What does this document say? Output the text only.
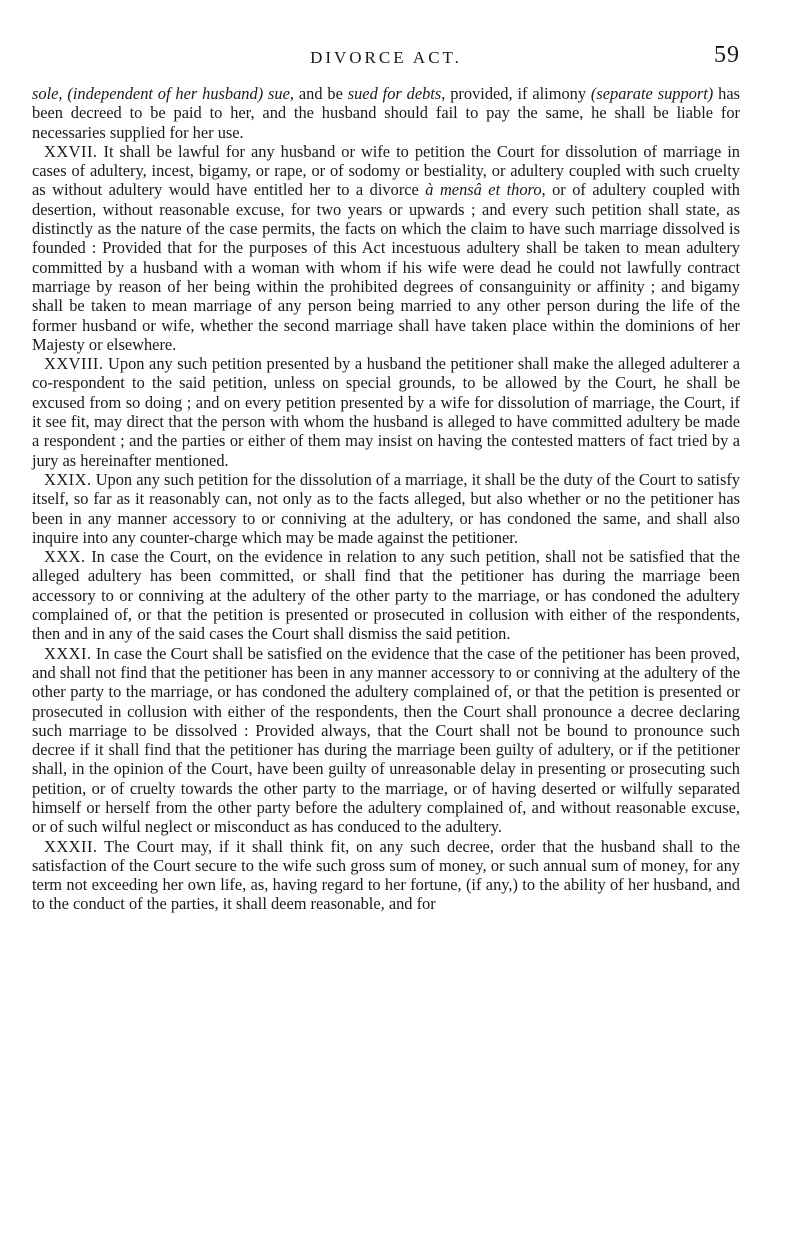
DIVORCE ACT.	59

sole, (independent of her husband) sue, and be sued for debts, provided, if alimony (separate support) has been decreed to be paid to her, and the husband should fail to pay the same, he shall be liable for necessaries supplied for her use.

XXVII. It shall be lawful for any husband or wife to petition the Court for dissolution of marriage in cases of adultery, incest, bigamy, or rape, or of sodomy or bestiality, or adultery coupled with such cruelty as without adultery would have entitled her to a divorce à mensâ et thoro, or of adultery coupled with desertion, without reasonable excuse, for two years or upwards ; and every such petition shall state, as distinctly as the nature of the case permits, the facts on which the claim to have such marriage dissolved is founded : Provided that for the purposes of this Act incestuous adultery shall be taken to mean adultery committed by a husband with a woman with whom if his wife were dead he could not lawfully contract marriage by reason of her being within the prohibited degrees of consanguinity or affinity ; and bigamy shall be taken to mean marriage of any person being married to any other person during the life of the former husband or wife, whether the second marriage shall have taken place within the dominions of her Majesty or elsewhere.

XXVIII. Upon any such petition presented by a husband the petitioner shall make the alleged adulterer a co-respondent to the said petition, unless on special grounds, to be allowed by the Court, he shall be excused from so doing ; and on every petition presented by a wife for dissolution of marriage, the Court, if it see fit, may direct that the person with whom the husband is alleged to have committed adultery be made a respondent ; and the parties or either of them may insist on having the contested matters of fact tried by a jury as hereinafter mentioned.

XXIX. Upon any such petition for the dissolution of a marriage, it shall be the duty of the Court to satisfy itself, so far as it reasonably can, not only as to the facts alleged, but also whether or no the petitioner has been in any manner accessory to or conniving at the adultery, or has condoned the same, and shall also inquire into any counter-charge which may be made against the petitioner.

XXX. In case the Court, on the evidence in relation to any such petition, shall not be satisfied that the alleged adultery has been committed, or shall find that the petitioner has during the marriage been accessory to or conniving at the adultery of the other party to the marriage, or has condoned the adultery complained of, or that the petition is presented or prosecuted in collusion with either of the respondents, then and in any of the said cases the Court shall dismiss the said petition.

XXXI. In case the Court shall be satisfied on the evidence that the case of the petitioner has been proved, and shall not find that the petitioner has been in any manner accessory to or conniving at the adultery of the other party to the marriage, or has condoned the adultery complained of, or that the petition is presented or prosecuted in collusion with either of the respondents, then the Court shall pronounce a decree declaring such marriage to be dissolved : Provided always, that the Court shall not be bound to pronounce such decree if it shall find that the petitioner has during the marriage been guilty of adultery, or if the petitioner shall, in the opinion of the Court, have been guilty of unreasonable delay in presenting or prosecuting such petition, or of cruelty towards the other party to the marriage, or of having deserted or wilfully separated himself or herself from the other party before the adultery complained of, and without reasonable excuse, or of such wilful neglect or misconduct as has conduced to the adultery.

XXXII. The Court may, if it shall think fit, on any such decree, order that the husband shall to the satisfaction of the Court secure to the wife such gross sum of money, or such annual sum of money, for any term not exceeding her own life, as, having regard to her fortune, (if any,) to the ability of her husband, and to the conduct of the parties, it shall deem reasonable, and for
